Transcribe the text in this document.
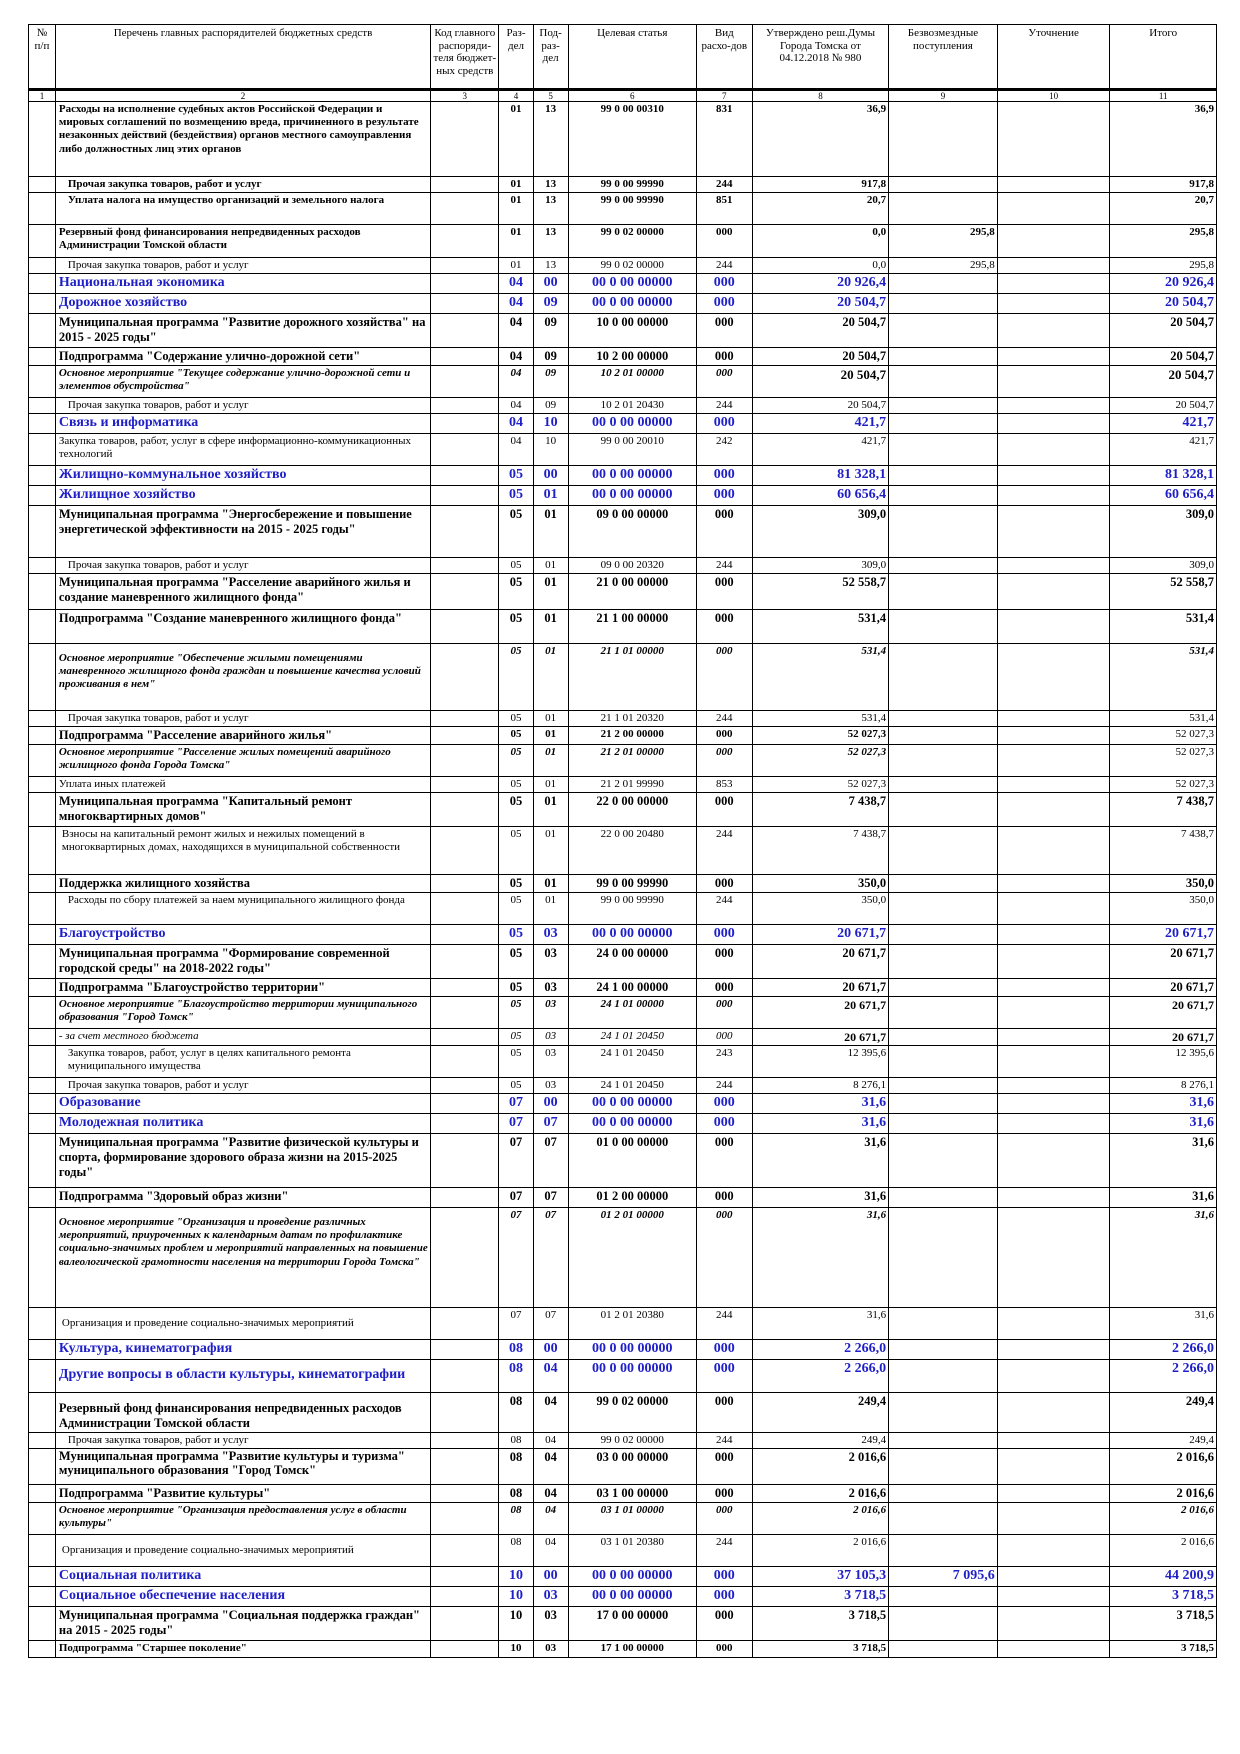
№ п/п	Перечень главных распорядителей бюджетных средств	Код главного распоряди-теля бюджет-ных средств	Раз-дел	Под-раз-дел	Целевая статья	Вид расхо-дов	Утверждено реш.Думы Города Томска от 04.12.2018 № 980	Безвозмездные поступления	Уточнение	Итого
1	2	3	4	5	6	7	8	9	10	11
	Расходы на исполнение судебных актов Российской Федерации и мировых соглашений по возмещению вреда, причиненного в результате незаконных действий (бездействия) органов местного самоуправления либо должностных лиц этих органов		01	13	99 0 00 00310	831	36,9			36,9
	Прочая закупка товаров, работ и услуг		01	13	99 0 00 99990	244	917,8			917,8
	Уплата налога на имущество организаций и земельного налога		01	13	99 0 00 99990	851	20,7			20,7
	Резервный фонд финансирования непредвиденных расходов Администрации Томской области		01	13	99 0 02 00000	000	0,0	295,8		295,8
	Прочая закупка товаров, работ и услуг		01	13	99 0 02 00000	244	0,0	295,8		295,8
	Национальная экономика		04	00	00 0 00 00000	000	20 926,4			20 926,4
	Дорожное хозяйство		04	09	00 0 00 00000	000	20 504,7			20 504,7
	Муниципальная программа "Развитие дорожного хозяйства" на 2015 - 2025 годы"		04	09	10 0 00 00000	000	20 504,7			20 504,7
	Подпрограмма "Содержание улично-дорожной сети"		04	09	10 2 00 00000	000	20 504,7			20 504,7
	Основное мероприятие "Текущее содержание улично-дорожной сети и элементов обустройства"		04	09	10 2 01 00000	000	20 504,7			20 504,7
	Прочая закупка товаров, работ и услуг		04	09	10 2 01 20430	244	20 504,7			20 504,7
	Связь и информатика		04	10	00 0 00 00000	000	421,7			421,7
	Закупка товаров, работ, услуг в сфере информационно-коммуникационных технологий		04	10	99 0 00 20010	242	421,7			421,7
	Жилищно-коммунальное хозяйство		05	00	00 0 00 00000	000	81 328,1			81 328,1
	Жилищное хозяйство		05	01	00 0 00 00000	000	60 656,4			60 656,4
	Муниципальная программа "Энергосбережение и повышение энергетической эффективности на 2015 - 2025 годы"		05	01	09 0 00 00000	000	309,0			309,0
	Прочая закупка товаров, работ и услуг		05	01	09 0 00 20320	244	309,0			309,0
	Муниципальная программа "Расселение аварийного жилья и создание маневренного жилищного фонда"		05	01	21 0 00 00000	000	52 558,7			52 558,7
	Подпрограмма "Создание маневренного жилищного фонда"		05	01	21 1 00 00000	000	531,4			531,4
	Основное мероприятие "Обеспечение жилыми помещениями маневренного жилищного фонда граждан и повышение качества условий проживания в нем"		05	01	21 1 01 00000	000	531,4			531,4
	Прочая закупка товаров, работ и услуг		05	01	21 1 01 20320	244	531,4			531,4
	Подпрограмма "Расселение аварийного жилья"		05	01	21 2 00 00000	000	52 027,3			52 027,3
	Основное мероприятие "Расселение жилых помещений аварийного жилищного фонда Города Томска"		05	01	21 2 01 00000	000	52 027,3			52 027,3
	Уплата иных платежей		05	01	21 2 01 99990	853	52 027,3			52 027,3
	Муниципальная программа "Капитальный ремонт многоквартирных домов"		05	01	22 0 00 00000	000	7 438,7			7 438,7
	Взносы на капитальный ремонт жилых и нежилых помещений в многоквартирных домах, находящихся в муниципальной собственности		05	01	22 0 00 20480	244	7 438,7			7 438,7
	Поддержка жилищного хозяйства		05	01	99 0 00 99990	000	350,0			350,0
	Расходы по сбору платежей за наем муниципального жилищного фонда		05	01	99 0 00 99990	244	350,0			350,0
	Благоустройство		05	03	00 0 00 00000	000	20 671,7			20 671,7
	Муниципальная программа "Формирование современной городской среды" на 2018-2022 годы"		05	03	24 0 00 00000	000	20 671,7			20 671,7
	Подпрограмма "Благоустройство территории"		05	03	24 1 00 00000	000	20 671,7			20 671,7
	Основное мероприятие "Благоустройство территории муниципального образования "Город Томск"		05	03	24 1 01 00000	000	20 671,7			20 671,7
	- за счет местного бюджета		05	03	24 1 01 20450	000	20 671,7			20 671,7
	Закупка товаров, работ, услуг в целях капитального ремонта муниципального имущества		05	03	24 1 01 20450	243	12 395,6			12 395,6
	Прочая закупка товаров, работ и услуг		05	03	24 1 01 20450	244	8 276,1			8 276,1
	Образование		07	00	00 0 00 00000	000	31,6			31,6
	Молодежная политика		07	07	00 0 00 00000	000	31,6			31,6
	Муниципальная программа "Развитие физической культуры и спорта, формирование здорового образа жизни на 2015-2025 годы"		07	07	01 0 00 00000	000	31,6			31,6
	Подпрограмма "Здоровый образ жизни"		07	07	01 2 00 00000	000	31,6			31,6
	Основное мероприятие "Организация и проведение различных мероприятий, приуроченных к календарным датам по профилактике социально-значимых проблем и мероприятий направленных на повышение валеологической грамотности населения на территории Города Томска"		07	07	01 2 01 00000	000	31,6			31,6
	Организация и проведение социально-значимых мероприятий		07	07	01 2 01 20380	244	31,6			31,6
	Культура, кинематография		08	00	00 0 00 00000	000	2 266,0			2 266,0
	Другие вопросы в области культуры, кинематографии		08	04	00 0 00 00000	000	2 266,0			2 266,0
	Резервный фонд финансирования непредвиденных расходов Администрации Томской области		08	04	99 0 02 00000	000	249,4			249,4
	Прочая закупка товаров, работ и услуг		08	04	99 0 02 00000	244	249,4			249,4
	Муниципальная программа "Развитие культуры и туризма" муниципального образования "Город Томск"		08	04	03 0 00 00000	000	2 016,6			2 016,6
	Подпрограмма "Развитие культуры"		08	04	03 1 00 00000	000	2 016,6			2 016,6
	Основное мероприятие "Организация предоставления услуг в области культуры"		08	04	03 1 01 00000	000	2 016,6			2 016,6
	Организация и проведение социально-значимых мероприятий		08	04	03 1 01 20380	244	2 016,6			2 016,6
	Социальная политика		10	00	00 0 00 00000	000	37 105,3	7 095,6		44 200,9
	Социальное обеспечение населения		10	03	00 0 00 00000	000	3 718,5			3 718,5
	Муниципальная программа "Социальная поддержка граждан" на 2015 - 2025 годы"		10	03	17 0 00 00000	000	3 718,5			3 718,5
	Подпрограмма "Старшее поколение"		10	03	17 1 00 00000	000	3 718,5			3 718,5
